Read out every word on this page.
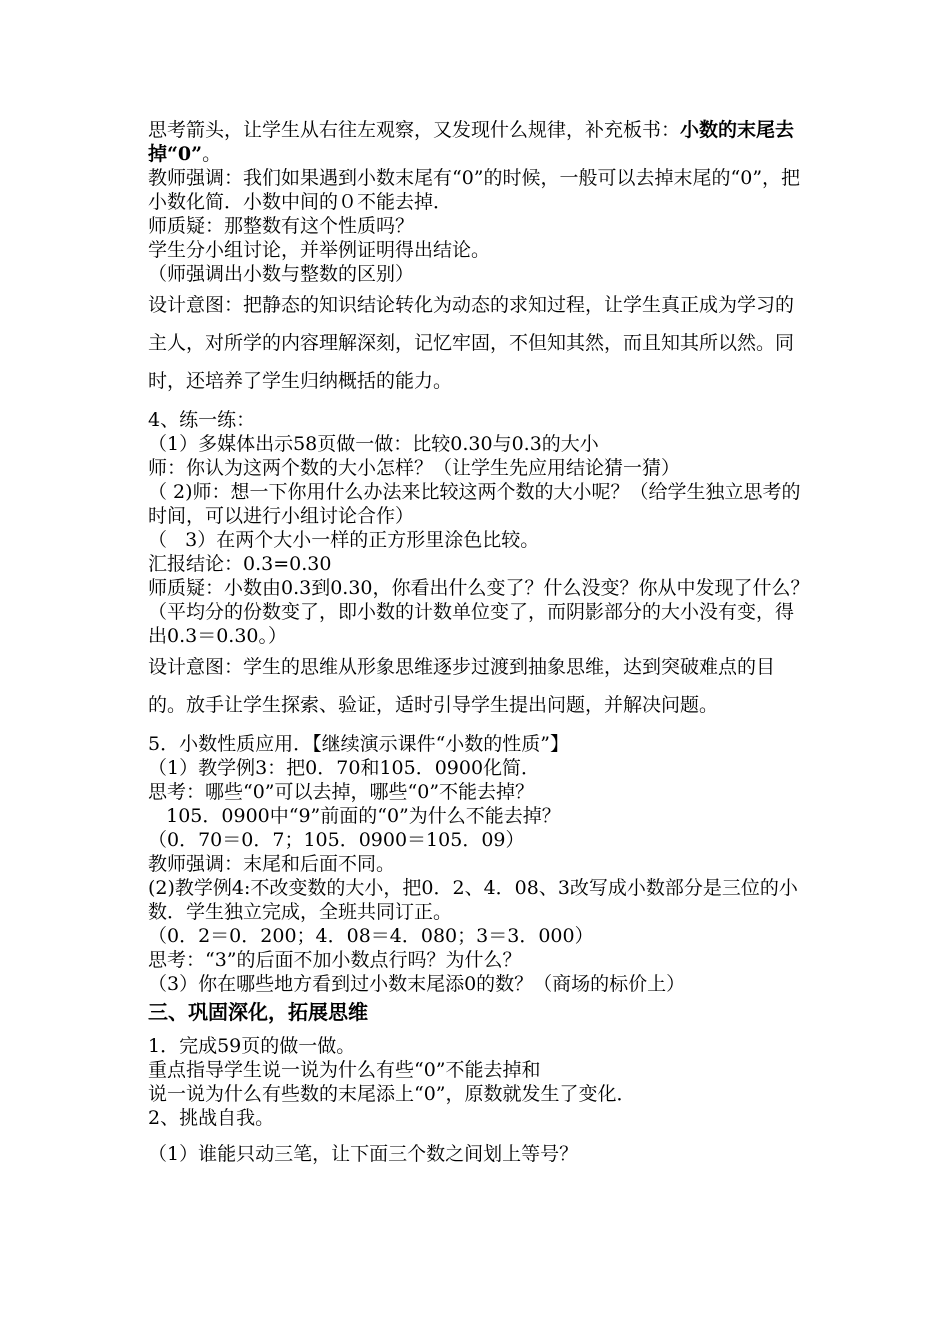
思考箭头，让学生从右往左观察，又发现什么规律，补充板书：小数的末尾去掉“0”。

教师强调：我们如果遇到小数末尾有“0”的时候，一般可以去掉末尾的“0”，把小数化简．小数中间的０不能去掉．

师质疑：那整数有这个性质吗？

学生分小组讨论，并举例证明得出结论。

（师强调出小数与整数的区别）

设计意图：把静态的知识结论转化为动态的求知过程，让学生真正成为学习的主人，对所学的内容理解深刻，记忆牢固，不但知其然，而且知其所以然。同时，还培养了学生归纳概括的能力。

4、练一练：

（1）多媒体出示58页做一做：比较0.30与0.3的大小

师：你认为这两个数的大小怎样？（让学生先应用结论猜一猜）

（ 2)师：想一下你用什么办法来比较这两个数的大小呢？（给学生独立思考的时间，可以进行小组讨论合作）

（   3）在两个大小一样的正方形里涂色比较。

汇报结论：0.3=0.30

师质疑：小数由0.3到0.30，你看出什么变了？什么没变？你从中发现了什么？（平均分的份数变了，即小数的计数单位变了，而阴影部分的大小没有变，得出0.3＝0.30。）

设计意图：学生的思维从形象思维逐步过渡到抽象思维，达到突破难点的目的。放手让学生探索、验证，适时引导学生提出问题，并解决问题。

5．小数性质应用．【继续演示课件“小数的性质”】

（1）教学例3：把0．70和105．0900化简．

思考：哪些“0”可以去掉，哪些“0”不能去掉？

105．0900中“9”前面的“0”为什么不能去掉？

（0．70＝0．7；105．0900＝105．09）

教师强调：末尾和后面不同。

(2)教学例4:不改变数的大小，把0．2、4．08、3改写成小数部分是三位的小数．学生独立完成，全班共同订正。

（0．2＝0．200；4．08＝4．080；3＝3．000）

思考：“3”的后面不加小数点行吗？为什么？

（3）你在哪些地方看到过小数末尾添0的数？（商场的标价上）

三、巩固深化，拓展思维

1．完成59页的做一做。

重点指导学生说一说为什么有些“0”不能去掉和

说一说为什么有些数的末尾添上“0”，原数就发生了变化．

2、挑战自我。

（1）谁能只动三笔，让下面三个数之间划上等号？
